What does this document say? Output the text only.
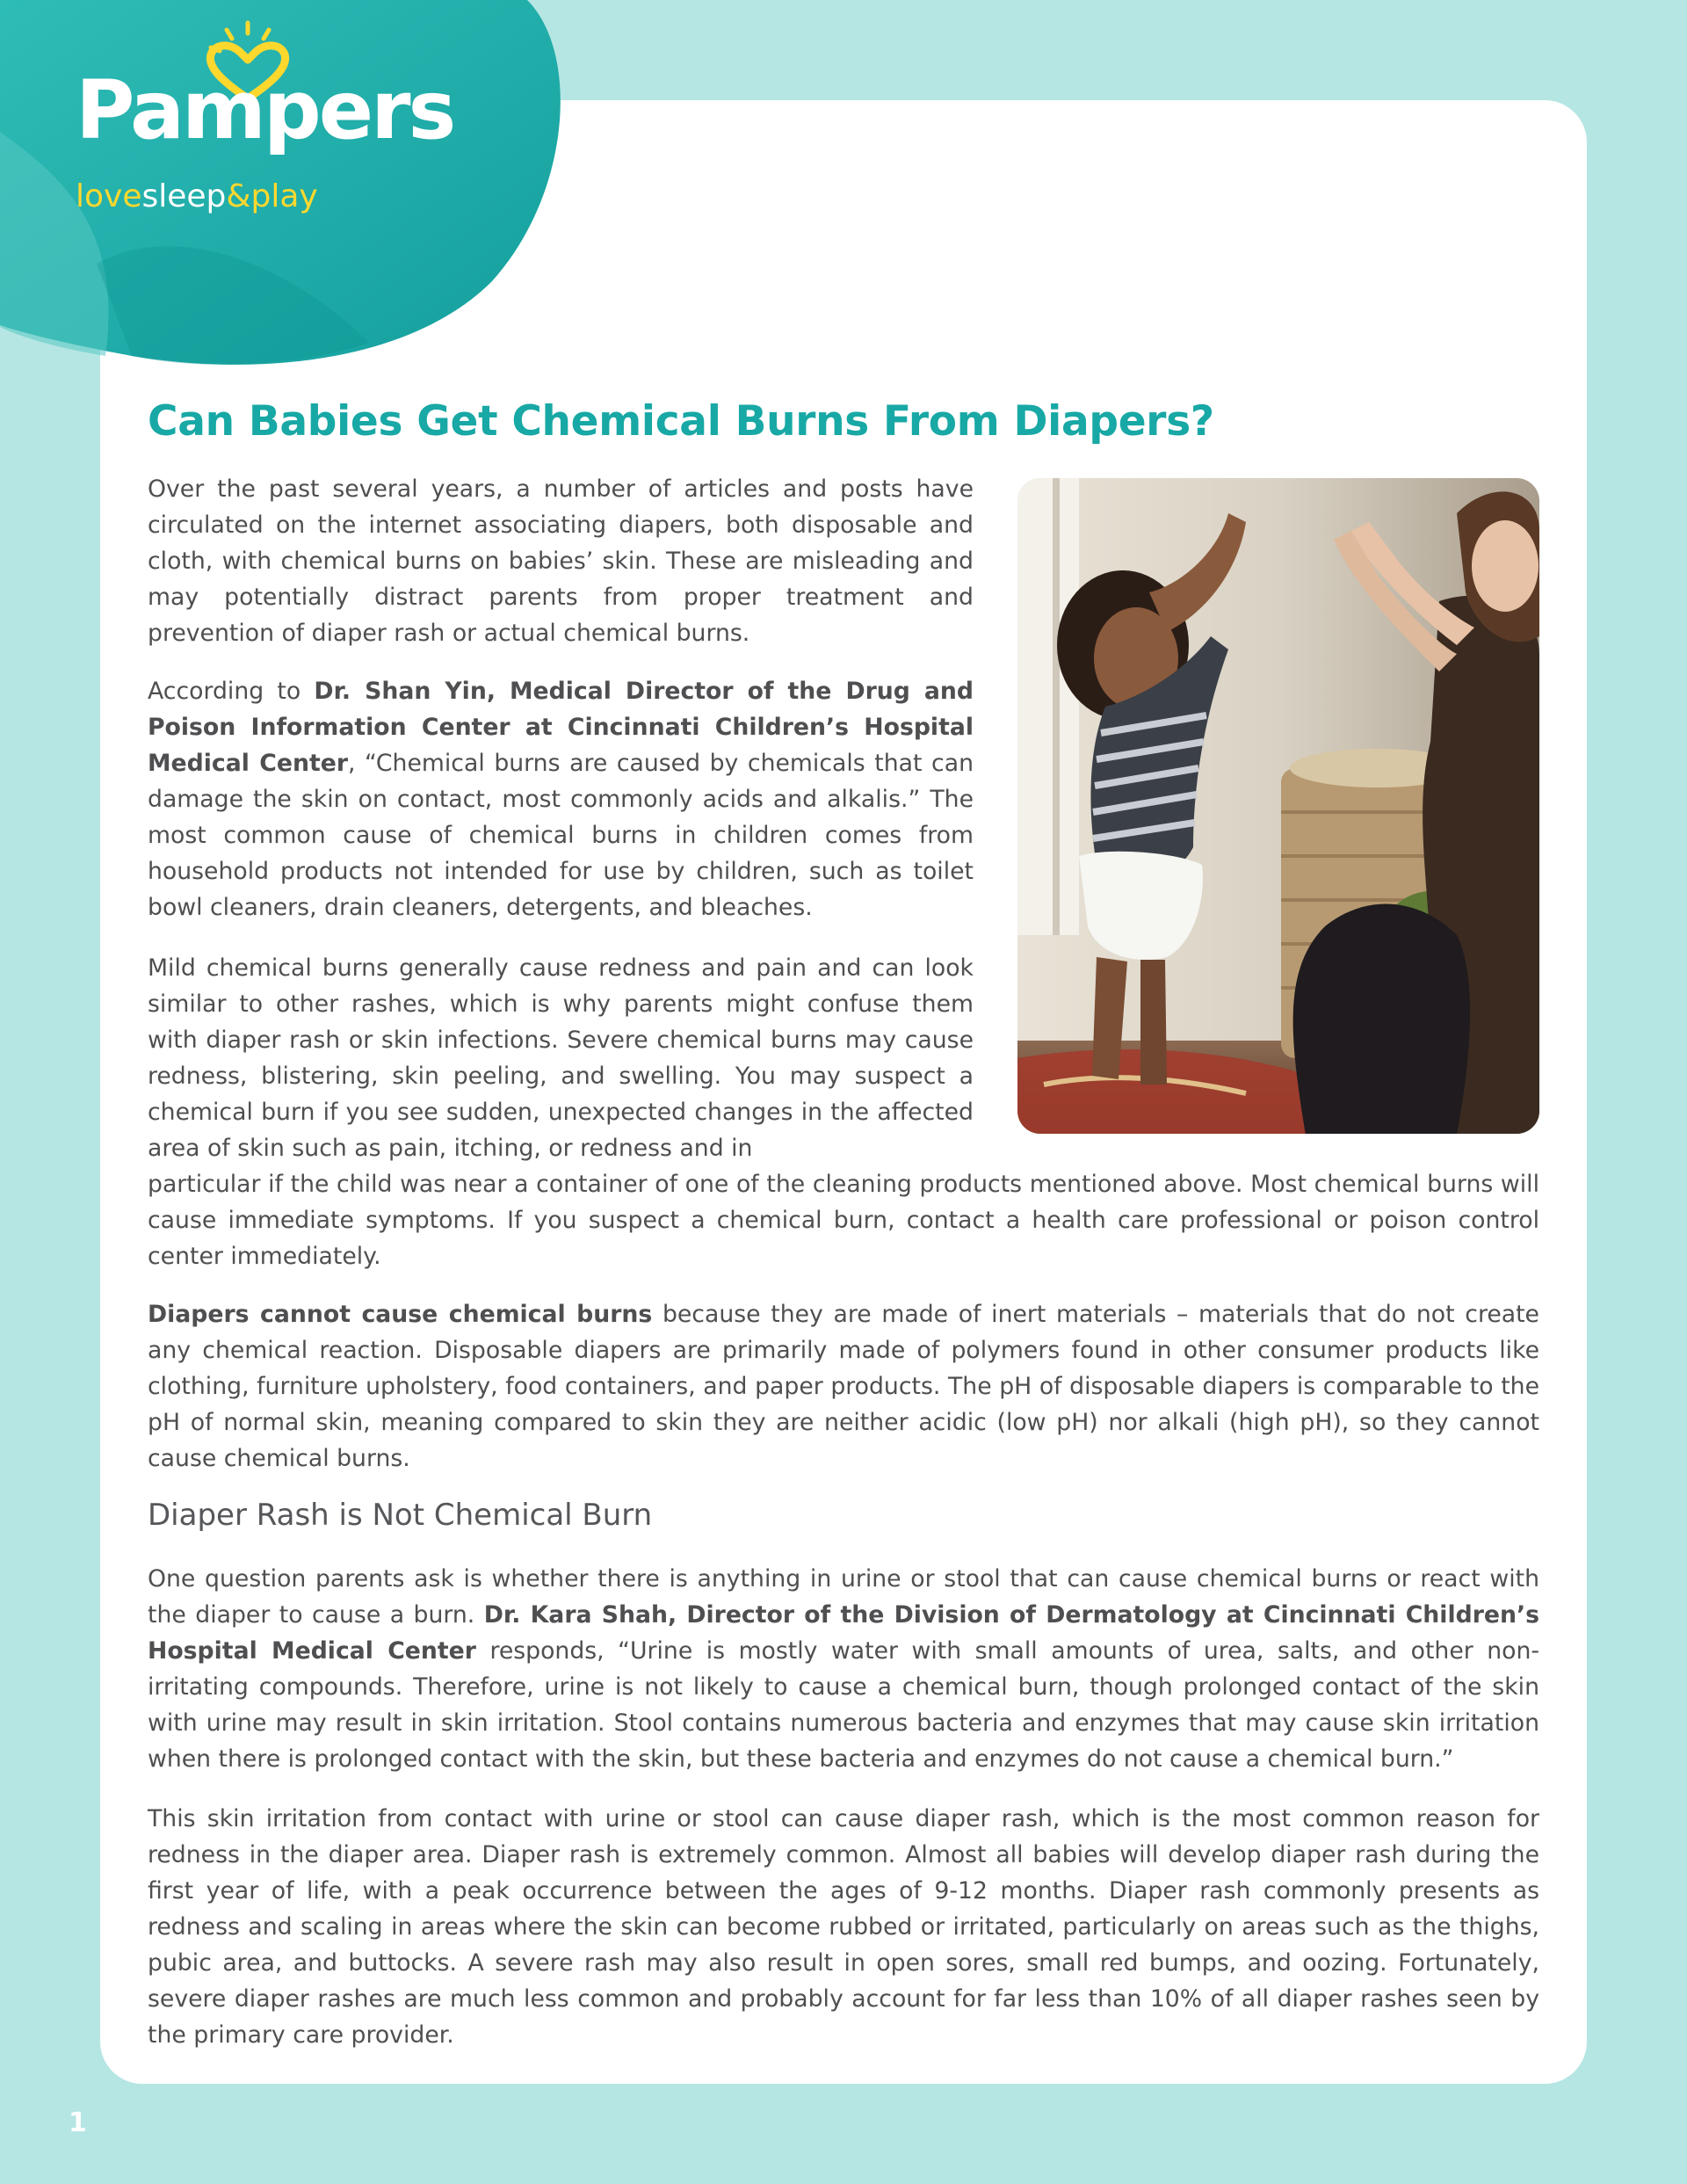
Pampers
lovesleep&play
Can Babies Get Chemical Burns From Diapers?

Over the past several years, a number of articles and posts have circulated on the internet associating diapers, both disposable and cloth, with chemical burns on babies’ skin. These are misleading and may potentially distract parents from proper treatment and prevention of diaper rash or actual chemical burns.

According to Dr. Shan Yin, Medical Director of the Drug and Poison Information Center at Cincinnati Children’s Hospital Medical Center, “Chemical burns are caused by chemicals that can damage the skin on contact, most commonly acids and alkalis.” The most common cause of chemical burns in children comes from household products not intended for use by children, such as toilet bowl cleaners, drain cleaners, detergents, and bleaches.

Mild chemical burns generally cause redness and pain and can look similar to other rashes, which is why parents might confuse them with diaper rash or skin infections. Severe chemical burns may cause redness, blistering, skin peeling, and swelling. You may suspect a chemical burn if you see sudden, unexpected changes in the affected area of skin such as pain, itching, or redness and in

particular if the child was near a container of one of the cleaning products mentioned above. Most chemical burns will cause immediate symptoms. If you suspect a chemical burn, contact a health care professional or poison control center immediately.

Diapers cannot cause chemical burns because they are made of inert materials – materials that do not create any chemical reaction. Disposable diapers are primarily made of polymers found in other consumer products like clothing, furniture upholstery, food containers, and paper products. The pH of disposable diapers is comparable to the pH of normal skin, meaning compared to skin they are neither acidic (low pH) nor alkali (high pH), so they cannot cause chemical burns.

Diaper Rash is Not Chemical Burn

One question parents ask is whether there is anything in urine or stool that can cause chemical burns or react with the diaper to cause a burn. Dr. Kara Shah, Director of the Division of Dermatology at Cincinnati Children’s Hospital Medical Center responds, “Urine is mostly water with small amounts of urea, salts, and other non-irritating compounds. Therefore, urine is not likely to cause a chemical burn, though prolonged contact of the skin with urine may result in skin irritation. Stool contains numerous bacteria and enzymes that may cause skin irritation when there is prolonged contact with the skin, but these bacteria and enzymes do not cause a chemical burn.”

This skin irritation from contact with urine or stool can cause diaper rash, which is the most common reason for redness in the diaper area. Diaper rash is extremely common. Almost all babies will develop diaper rash during the first year of life, with a peak occurrence between the ages of 9-12 months. Diaper rash commonly presents as redness and scaling in areas where the skin can become rubbed or irritated, particularly on areas such as the thighs, pubic area, and buttocks. A severe rash may also result in open sores, small red bumps, and oozing. Fortunately, severe diaper rashes are much less common and probably account for far less than 10% of all diaper rashes seen by the primary care provider.

1
